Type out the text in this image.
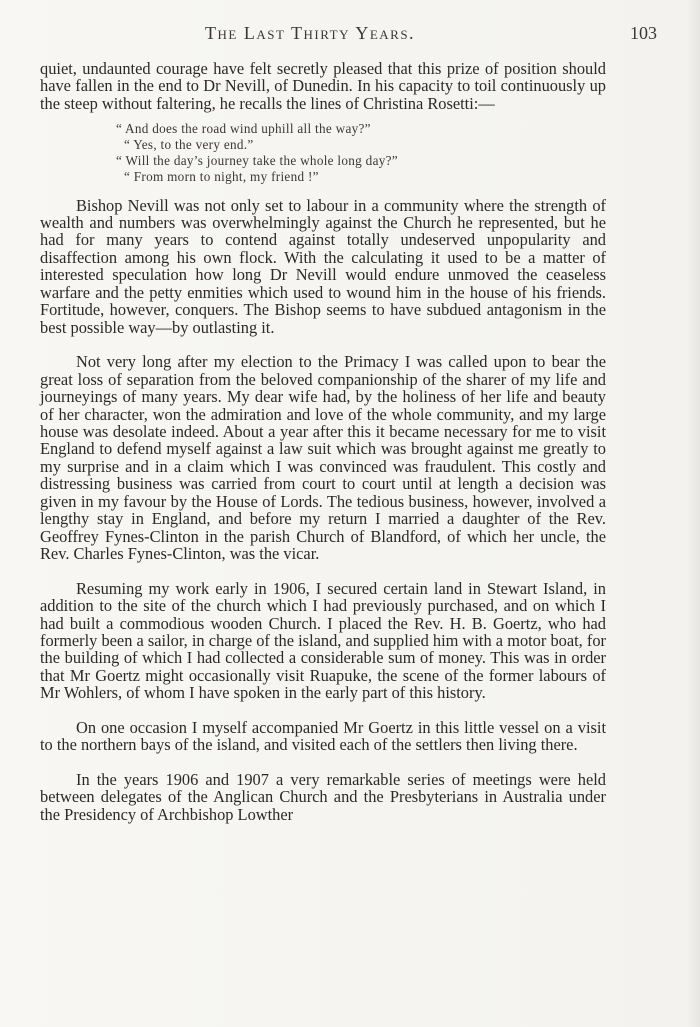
The Last Thirty Years.	103

quiet, undaunted courage have felt secretly pleased that this prize of position should have fallen in the end to Dr Nevill, of Dunedin. In his capacity to toil continuously up the steep without faltering, he recalls the lines of Christina Rosetti:—

“ And does the road wind uphill all the way?”
“ Yes, to the very end.”
“ Will the day’s journey take the whole long day?”
“ From morn to night, my friend !”

Bishop Nevill was not only set to labour in a community where the strength of wealth and numbers was overwhelmingly against the Church he represented, but he had for many years to contend against totally undeserved unpopularity and disaffection among his own flock. With the calculating it used to be a matter of interested speculation how long Dr Nevill would endure unmoved the ceaseless warfare and the petty enmities which used to wound him in the house of his friends. Fortitude, however, conquers. The Bishop seems to have subdued antagonism in the best possible way—by outlasting it.

Not very long after my election to the Primacy I was called upon to bear the great loss of separation from the beloved companionship of the sharer of my life and journeyings of many years. My dear wife had, by the holiness of her life and beauty of her character, won the admiration and love of the whole community, and my large house was desolate indeed. About a year after this it became necessary for me to visit England to defend myself against a law suit which was brought against me greatly to my surprise and in a claim which I was convinced was fraudulent. This costly and distressing business was carried from court to court until at length a decision was given in my favour by the House of Lords. The tedious business, however, involved a lengthy stay in England, and before my return I married a daughter of the Rev. Geoffrey Fynes-Clinton in the parish Church of Blandford, of which her uncle, the Rev. Charles Fynes-Clinton, was the vicar.

Resuming my work early in 1906, I secured certain land in Stewart Island, in addition to the site of the church which I had previously purchased, and on which I had built a commodious wooden Church. I placed the Rev. H. B. Goertz, who had formerly been a sailor, in charge of the island, and supplied him with a motor boat, for the building of which I had collected a considerable sum of money. This was in order that Mr Goertz might occasionally visit Ruapuke, the scene of the former labours of Mr Wohlers, of whom I have spoken in the early part of this history.

On one occasion I myself accompanied Mr Goertz in this little vessel on a visit to the northern bays of the island, and visited each of the settlers then living there.

In the years 1906 and 1907 a very remarkable series of meetings were held between delegates of the Anglican Church and the Presbyterians in Australia under the Presidency of Archbishop Lowther
